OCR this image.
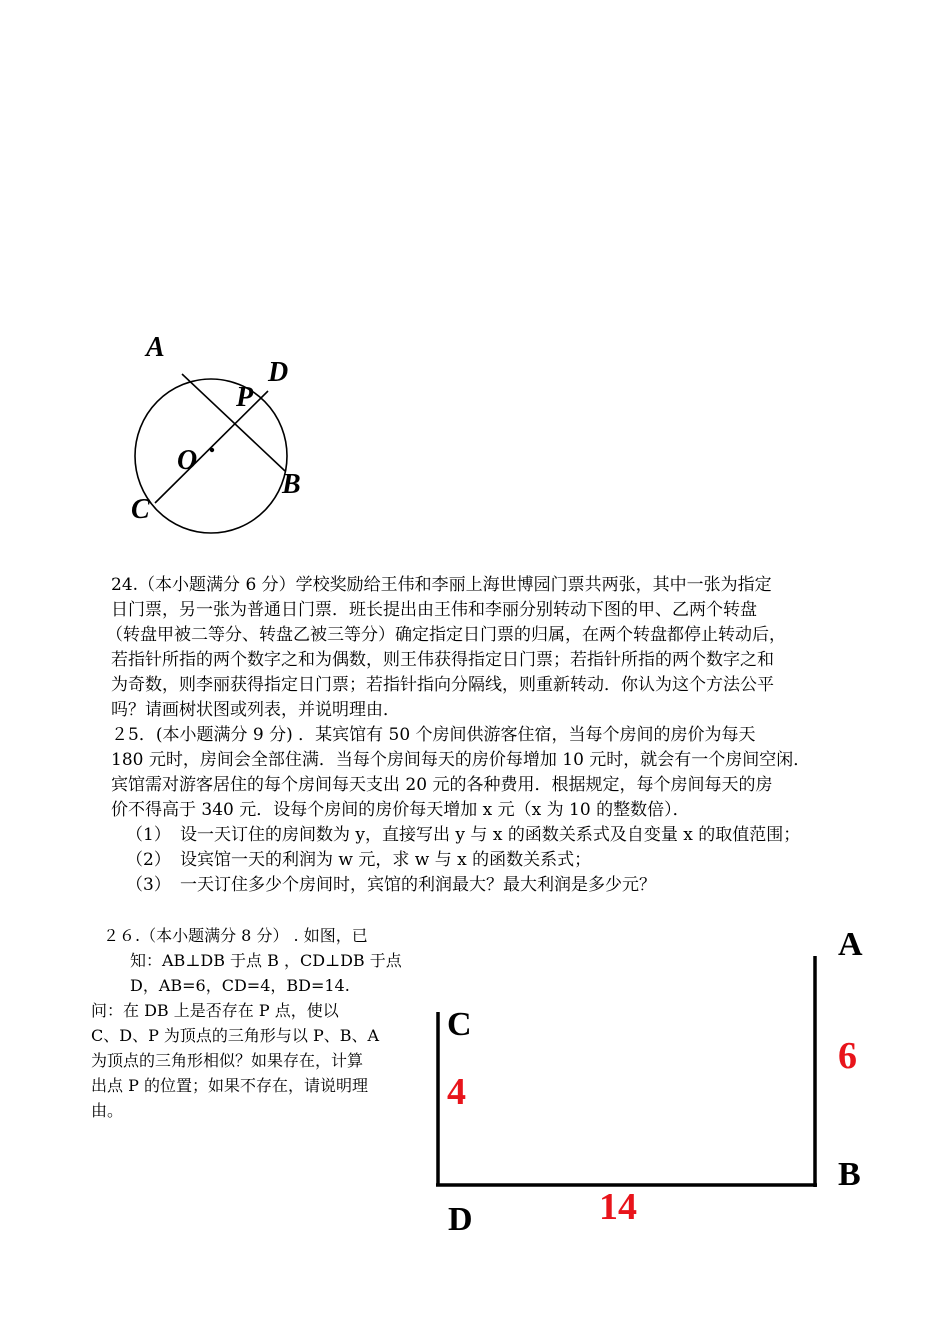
A
D
P
O
B
C
24.（本小题满分 6 分）学校奖励给王伟和李丽上海世博园门票共两张，其中一张为指定
日门票，另一张为普通日门票．班长提出由王伟和李丽分别转动下图的甲、乙两个转盘
（转盘甲被二等分、转盘乙被三等分）确定指定日门票的归属，在两个转盘都停止转动后，
若指针所指的两个数字之和为偶数，则王伟获得指定日门票；若指针所指的两个数字之和
为奇数，则李丽获得指定日门票；若指针指向分隔线，则重新转动．你认为这个方法公平
吗？请画树状图或列表，并说明理由．
２5．(本小题满分 9 分) ．某宾馆有 50 个房间供游客住宿，当每个房间的房价为每天
180 元时，房间会全部住满．当每个房间每天的房价每增加 10 元时，就会有一个房间空闲．
宾馆需对游客居住的每个房间每天支出 20 元的各种费用．根据规定，每个房间每天的房
价不得高于 340 元．设每个房间的房价每天增加 x 元（x 为 10 的整数倍）．
（1） 设一天订住的房间数为 y，直接写出 y 与 x 的函数关系式及自变量 x 的取值范围；
（2） 设宾馆一天的利润为 w 元，求 w 与 x 的函数关系式；
（3） 一天订住多少个房间时，宾馆的利润最大？最大利润是多少元？
２６.（本小题满分 8 分） . 如图，已
知：AB⊥DB 于点 B ，CD⊥DB 于点
D，AB=6，CD=4，BD=14.
问：在 DB 上是否存在 P 点，使以
C、D、P 为顶点的三角形与以 P、B、A
为顶点的三角形相似？如果存在，计算
出点 P 的位置；如果不存在，请说明理
由。
A
C
B
D
6
4
14
